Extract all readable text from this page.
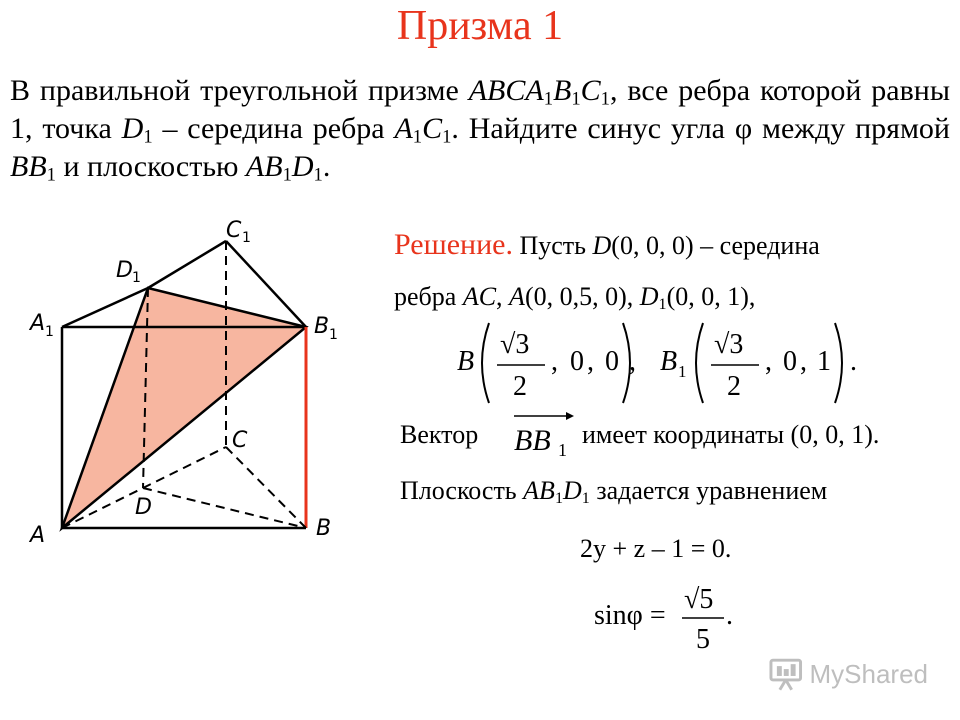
Призма 1

В правильной треугольной призме $ABCA_1B_1C_1$, все ребра которой равны 1, точка $D_1$ – середина ребра $A_1C_1$. Найдите синус угла φ между прямой $BB_1$ и плоскостью $AB_1D_1$.

A	B
C
D
A 1	B 1
C 1
D 1
Решение. Пусть D(0, 0, 0) – середина
ребра AC, A(0, 0,5, 0), $D_1(0$, 0, 1),
B
√3
2
, 0 , 0 , B 1
√3
2
, 0 , 1 .
Вектор BB 1
имеет координаты (0, 0, 1).
Плоскость $AB_1D_1$ задается уравнением
2y + z – 1 = 0.
sinφ =
√5
5
.
MyShared
